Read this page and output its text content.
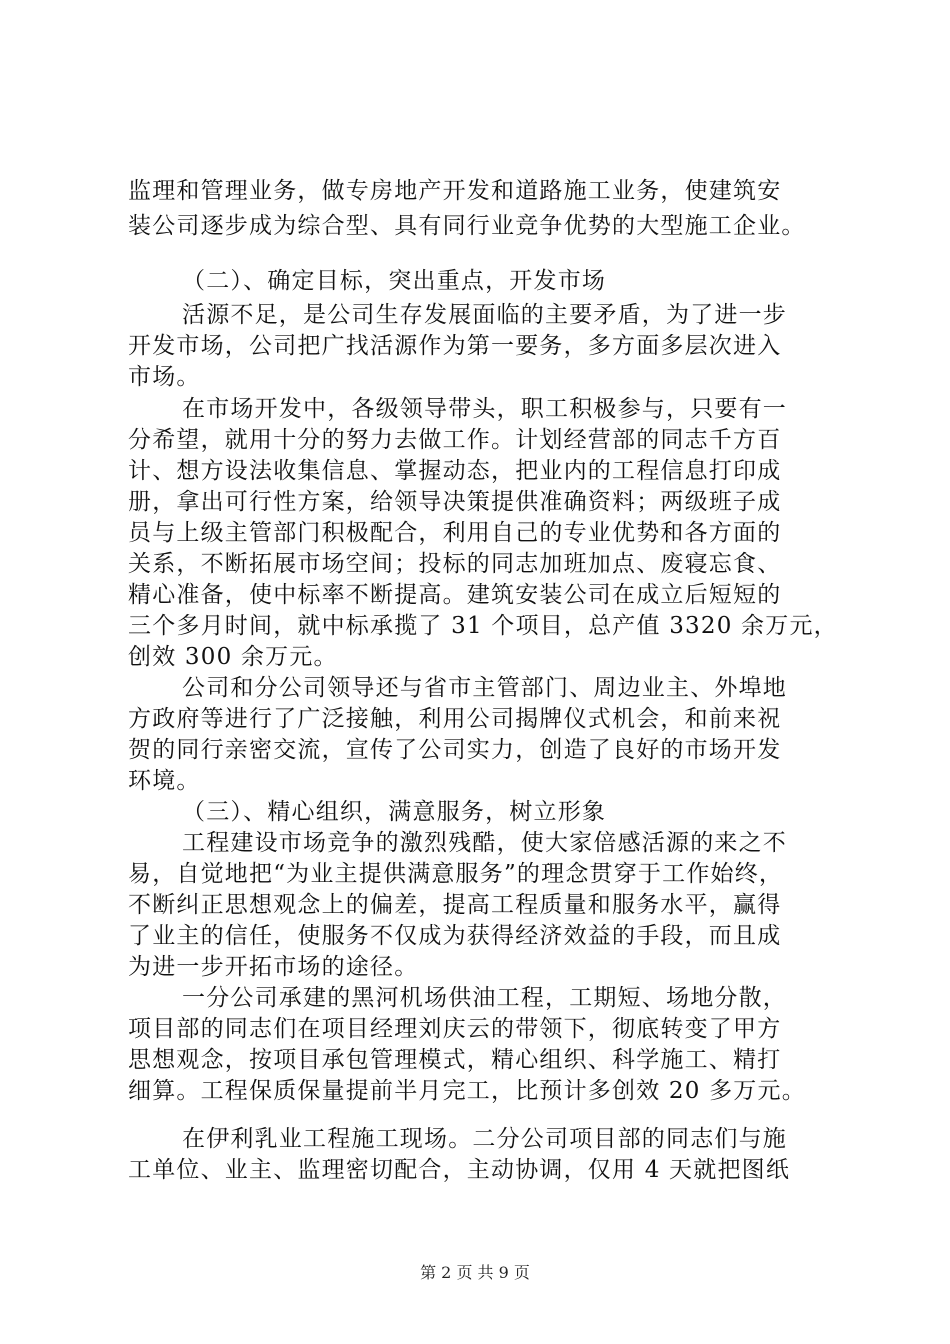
监理和管理业务，做专房地产开发和道路施工业务，使建筑安
装公司逐步成为综合型、具有同行业竞争优势的大型施工企业。
（二）、确定目标，突出重点，开发市场
活源不足，是公司生存发展面临的主要矛盾，为了进一步
开发市场，公司把广找活源作为第一要务，多方面多层次进入
市场。
在市场开发中，各级领导带头，职工积极参与，只要有一
分希望，就用十分的努力去做工作。计划经营部的同志千方百
计、想方设法收集信息、掌握动态，把业内的工程信息打印成
册，拿出可行性方案，给领导决策提供准确资料；两级班子成
员与上级主管部门积极配合，利用自己的专业优势和各方面的
关系，不断拓展市场空间；投标的同志加班加点、废寝忘食、
精心准备，使中标率不断提高。建筑安装公司在成立后短短的
三个多月时间，就中标承揽了 31 个项目，总产值 3320 余万元，
创效 300 余万元。
公司和分公司领导还与省市主管部门、周边业主、外埠地
方政府等进行了广泛接触，利用公司揭牌仪式机会，和前来祝
贺的同行亲密交流，宣传了公司实力，创造了良好的市场开发
环境。
（三）、精心组织，满意服务，树立形象
工程建设市场竞争的激烈残酷，使大家倍感活源的来之不
易，自觉地把“为业主提供满意服务”的理念贯穿于工作始终，
不断纠正思想观念上的偏差，提高工程质量和服务水平，赢得
了业主的信任，使服务不仅成为获得经济效益的手段，而且成
为进一步开拓市场的途径。
一分公司承建的黑河机场供油工程，工期短、场地分散，
项目部的同志们在项目经理刘庆云的带领下，彻底转变了甲方
思想观念，按项目承包管理模式，精心组织、科学施工、精打
细算。工程保质保量提前半月完工，比预计多创效 20 多万元。
在伊利乳业工程施工现场。二分公司项目部的同志们与施
工单位、业主、监理密切配合，主动协调，仅用 4 天就把图纸
第 2 页 共 9 页
